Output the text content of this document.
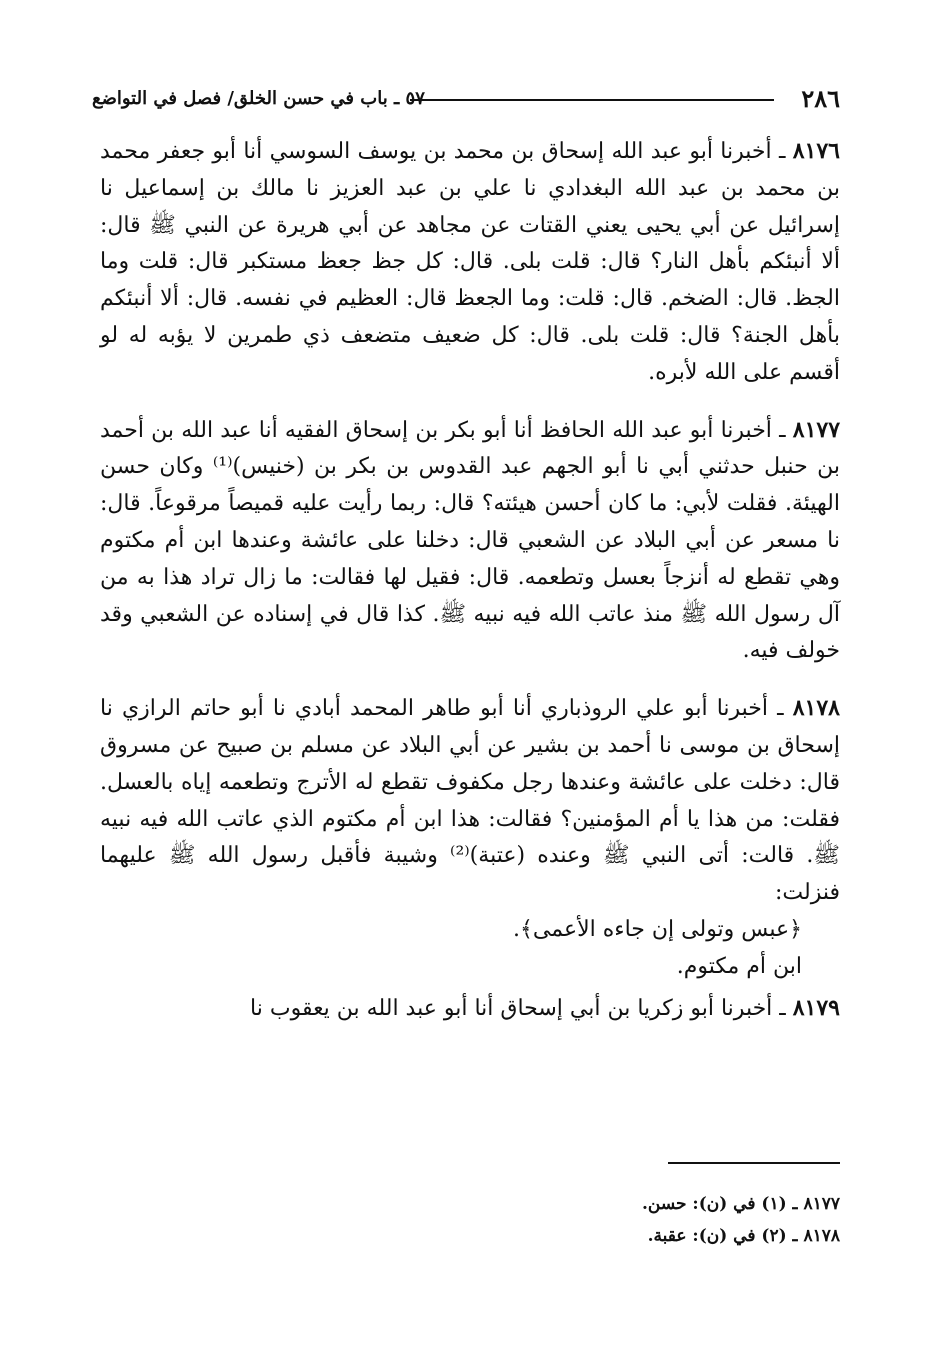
٢٨٦
٥٧ ـ باب في حسن الخلق/ فصل في التواضع

٨١٧٦ ـ أخبرنا أبو عبد الله إسحاق بن محمد بن يوسف السوسي أنا أبو جعفر محمد بن محمد بن عبد الله البغدادي نا علي بن عبد العزيز نا مالك بن إسماعيل نا إسرائيل عن أبي يحيى يعني القتات عن مجاهد عن أبي هريرة عن النبي ﷺ قال: ألا أنبئكم بأهل النار؟ قال: قلت بلى. قال: كل جظ جعظ مستكبر قال: قلت وما الجظ. قال: الضخم. قال: قلت: وما الجعظ قال: العظيم في نفسه. قال: ألا أنبئكم بأهل الجنة؟ قال: قلت بلى. قال: كل ضعيف متضعف ذي طمرين لا يؤبه له لو أقسم على الله لأبره.

٨١٧٧ ـ أخبرنا أبو عبد الله الحافظ أنا أبو بكر بن إسحاق الفقيه أنا عبد الله بن أحمد بن حنبل حدثني أبي نا أبو الجهم عبد القدوس بن بكر بن (خنيس)⁽¹⁾ وكان حسن الهيئة. فقلت لأبي: ما كان أحسن هيئته؟ قال: ربما رأيت عليه قميصاً مرقوعاً. قال: نا مسعر عن أبي البلاد عن الشعبي قال: دخلنا على عائشة وعندها ابن أم مكتوم وهي تقطع له أنزجاً بعسل وتطعمه. قال: فقيل لها فقالت: ما زال تراد هذا به من آل رسول الله ﷺ منذ عاتب الله فيه نبيه ﷺ. كذا قال في إسناده عن الشعبي وقد خولف فيه.

٨١٧٨ ـ أخبرنا أبو علي الروذباري أنا أبو طاهر المحمد أبادي نا أبو حاتم الرازي نا إسحاق بن موسى نا أحمد بن بشير عن أبي البلاد عن مسلم بن صبيح عن مسروق قال: دخلت على عائشة وعندها رجل مكفوف تقطع له الأترج وتطعمه إياه بالعسل. فقلت: من هذا يا أم المؤمنين؟ فقالت: هذا ابن أم مكتوم الذي عاتب الله فيه نبيه ﷺ. قالت: أتى النبي ﷺ وعنده (عتبة)⁽²⁾ وشيبة فأقبل رسول الله ﷺ عليهما فنزلت:

﴿عبس وتولى إن جاءه الأعمى﴾.

ابن أم مكتوم.

٨١٧٩ ـ أخبرنا أبو زكريا بن أبي إسحاق أنا أبو عبد الله بن يعقوب نا

٨١٧٧ ـ (١) في (ن): حسن.
٨١٧٨ ـ (٢) في (ن): عقبة.
